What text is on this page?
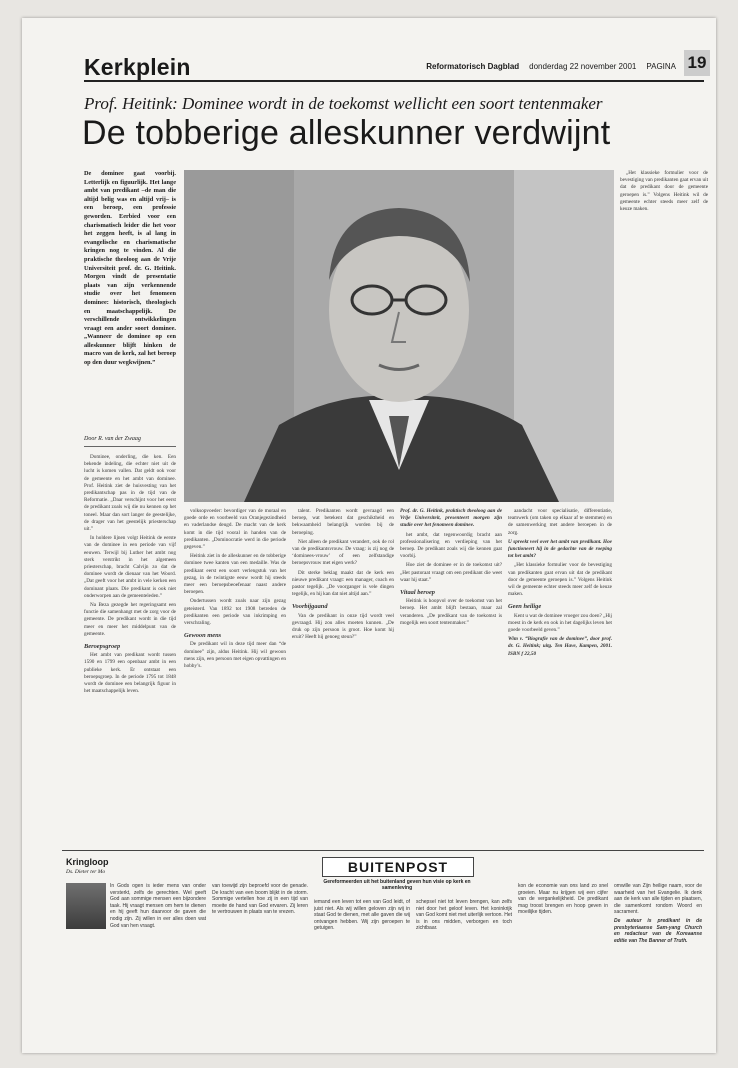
Kerkplein	Reformatorisch Dagblad donderdag 22 november 2001 PAGINA 19
Prof. Heitink: Dominee wordt in de toekomst wellicht een soort tentenmaker
De tobberige alleskunner verdwijnt
De dominee gaat voorbij. Letterlijk en figuurlijk. Het lange ambt van predikant –de man die altijd belig was en altijd vrij– is een beroep, een professie geworden. Eerbied voor een charismatisch leider die het voor het zeggen heeft, is al lang in evangelische en charismatische kringen nog te vinden. Al die praktische theoloog aan de Vrije Universiteit prof. dr. G. Heitink. Morgen vindt de presentatie plaats van zijn verkennende studie over het fenomeen dominee: historisch, theologisch en maatschappelijk. De verschillende ontwikkelingen vraagt een ander soort dominee. „Wanneer de dominee op een alleskunner blijft hinken de macro van de kerk, zal het beroep op den duur wegkwijnen.”
Door R. van der Zwaag

Dominee, onderling, die ken. Een bekende indeling, die echter niet uit de lucht is komen vallen. Dat geldt ook voor de gemeente en het ambt van dominee. Prof. Heitink ziet de huisvesting van het predikantschap pas in de tijd van de Reformatie. „Daar verschijnt voor het eerst de predikant zoals wij die nu kennen op het toneel. Maar dan sort langer de geestelijke, de drager van het geestelijk priesterschap uit.”

In holdere lijnen volgt Heitink de eerste van de dominee in een periode van vijf eeuwen. Terwijl bij Luther het ambt nog sterk verstrikt in het algemeen priesterschap, bracht Calvijn zo dat de dominee wordt de dienaar van het Woord. „Dat geeft voor het ambt in vele kerken een dominant plaats. Die predikant is ook niet onderworpen aan de gemeenteleden.”

Na Beza gezegde het regeringsamt een functie die samenhangt met de zorg voor de gemeente. De predikant wordt in die tijd meer en meer het middelpunt van de gemeente.

Beroepsgroep

Het ambt van predikant wordt tussen 1590 en 1799 een openbaar ambt in een publieke kerk. Er ontstaat een beroepsgroep. In de periode 1795 tot 1848 wordt de dominee een belangrijk figuur in het maatschappelijk leven.

volksopvoeder: bevordiger van de moraal en goede orde en voorbeeld van Oranjegezindheid en vaderlandse deugd. De macht van de kerk komt in die tijd vooral in handen van de predikanten. „Dominocratie werd in die periode gegeven.”

Heitink ziet in de alleskunner en de tobberige dominee twee kanten van een medaille. Was de predikant eerst een soort verlengstuk van het gezag, in de twintigste eeuw wordt hij steeds meer een beroepsbeoefenaar naast andere beroepen.

Ondertussen wordt zoals naar zijn gezag geteisterd. Van 1892 tot 1908 betreden de predikanten een periode van inkrimping en verschraling.

Gewoon mens

De predikant wil in deze tijd meer dan “de dominee” zijn, aldus Heitink. Hij wil gewoon mens zijn, een persoon met eigen opvattingen en hobby’s.

talent. Predikanten wordt gevraagd een beroep, wat betekent dat geschiktheid en bekwaamheid belangrijk worden bij de beroeping.

Niet alleen de predikant verandert, ook de rol van de predikantsvrouw. De vraag: is zij nog de ‘dominees-vrouw’ of een zelfstandige beroepsvrouw met eigen werk?

Dit sterke beklag maakt dat de kerk een nieuwe predikant vraagt: een manager, coach en pastor tegelijk. „De voorganger is vele dingen tegelijk, en hij kan dat niet altijd aan.”

Voorbijgaand

Van de predikant in onze tijd wordt veel gevraagd. Hij zou alles moeten kunnen. „De druk op zijn persoon is groot. Hoe komt hij eruit? Heeft hij genoeg steun?”

Prof. dr. G. Heitink, praktisch theoloog aan de Vrije Universiteit, presenteert morgen zijn studie over het fenomeen dominee.

het ambt, dat tegenwoordig bracht aan professionalisering en verdieping van het beroep. De predikant zoals wij die kennen gaat voorbij.

Hoe ziet de dominee er in de toekomst uit? „Het pastoraat vraagt om een predikant die weet waar hij staat.”

Vitaal beroep

Heitink is hoopvol over de toekomst van het beroep. Het ambt blijft bestaan, maar zal veranderen. „De predikant van de toekomst is mogelijk een soort tentenmaker.”

aandacht voor specialisatie, differentiatie, teamwerk (om taken op elkaar af te stemmen) en de samenwerking met andere beroepen in de zorg.

U spreekt veel over het ambt van predikant. Hoe functioneert hij in de gedachte van de roeping tot het ambt?

„Het klassieke formulier voor de bevestiging van predikanten gaat ervan uit dat de predikant door de gemeente geroepen is.” Volgens Heitink wil de gemeente echter steeds meer zelf de keuze maken.

Geen heilige

Kent u wat de dominee vroeger zou doen? „Hij moest in de kerk en ook in het dagelijks leven het goede voorbeeld geven.”

Wim v. “Biografie van de dominee”, door prof. dr. G. Heitink; uitg. Ten Have, Kampen, 2001. ISBN f 22,50

„Het klassieke formulier voor de bevestiging van predikanten gaat ervan uit dat de predikant door de gemeente geroepen is.” Volgens Heitink wil de gemeente echter steeds meer zelf de keuze maken.

Kringloop
Ds. Dieter ter Mo	BUITENPOST
Gereformeerden uit het buitenland geven hun visie op kerk en samenleving

In Gods ogen is ieder mens van onder versterkt, zelfs de gerechten. Wel geeft God aan sommige mensen een bijzondere taak. Hij vraagt mensen om hem te dienen en hij geeft hun daarvoor de gaven die nodig zijn. Zij willen in eer alles doen wat God van hen vraagt.

van toewijd zijn beproefd voor de genade. De kracht van een boom blijkt in de storm. Sommige vertellen hoe zij in een tijd van moeite de hand van God ervaren. Zij leren te vertrouwen in plaats van te vrezen.

iemand een leven tot een van God leidt, of juist niet. Als wij willen geloven zijn wij in staat God te dienen, met alle gaven die wij ontvangen hebben. Wij zijn geroepen te getuigen.

schepsel niet tot leven brengen, kan zelfs niet door het geloof leven. Het koninkrijk van God komt niet met uiterlijk vertoon. Het is in ons midden, verborgen en toch zichtbaar.

kon de economie van ons land zo snel groeien. Maar nu krijgen wij een cijfer van de vergankelijkheid. De predikant mag troost brengen en hoop geven in moeilijke tijden.

omwille van Zijn heilige naam, voor de waarheid van het Evangelie. Ik denk aan de kerk van alle tijden en plaatsen, die samenkomt rondom Woord en sacrament.

De auteur is predikant in de presbyteriaanse Sam-yang Church en redacteur van de Koreaanse editie van The Banner of Truth.
